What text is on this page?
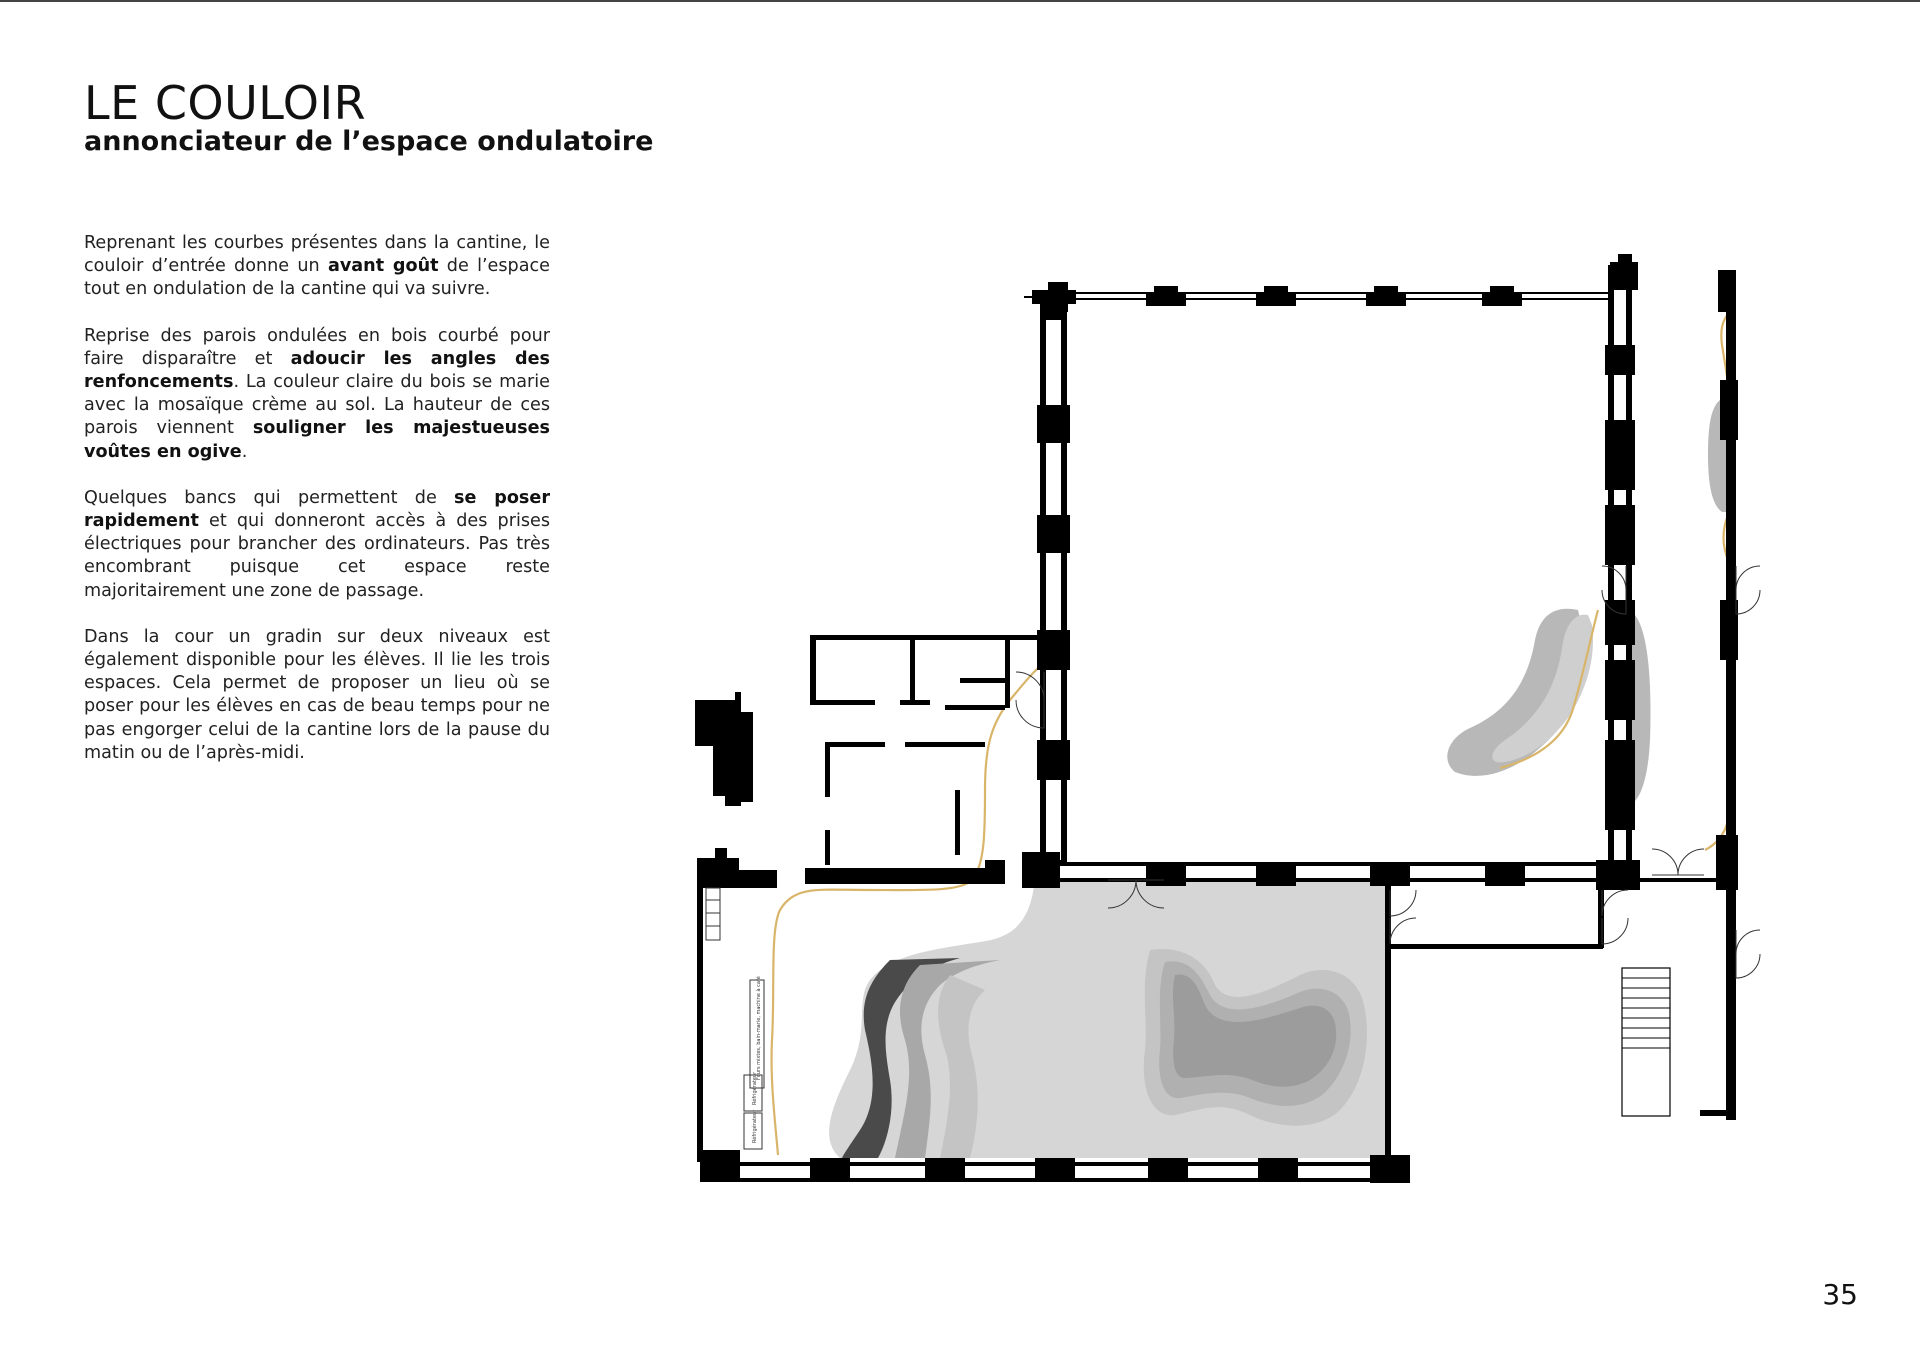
LE COULOIR
annonciateur de l’espace ondulatoire

Reprenant les courbes présentes dans la cantine, le couloir d’entrée donne un avant goût de l’espace tout en ondulation de la cantine qui va suivre.

Reprise des parois ondulées en bois courbé pour faire disparaître et adoucir les angles des renfoncements. La couleur claire du bois se marie avec la mosaïque crème au sol. La hauteur de ces parois viennent souligner les majestueuses voûtes en ogive.

Quelques bancs qui permettent de se poser rapidement et qui donneront accès à des prises électriques pour brancher des ordinateurs. Pas très encombrant puisque cet espace reste majoritairement une zone de passage.

Dans la cour un gradin sur deux niveaux est également disponible pour les élèves. Il lie les trois espaces. Cela permet de proposer un lieu où se poser pour les élèves en cas de beau temps pour ne pas engorger celui de la cantine lors de la pause du matin ou de l’après-midi.

Fours mixtes, bain-marie, machine à café
Réfrigérateur
Réfrigérateur
35
